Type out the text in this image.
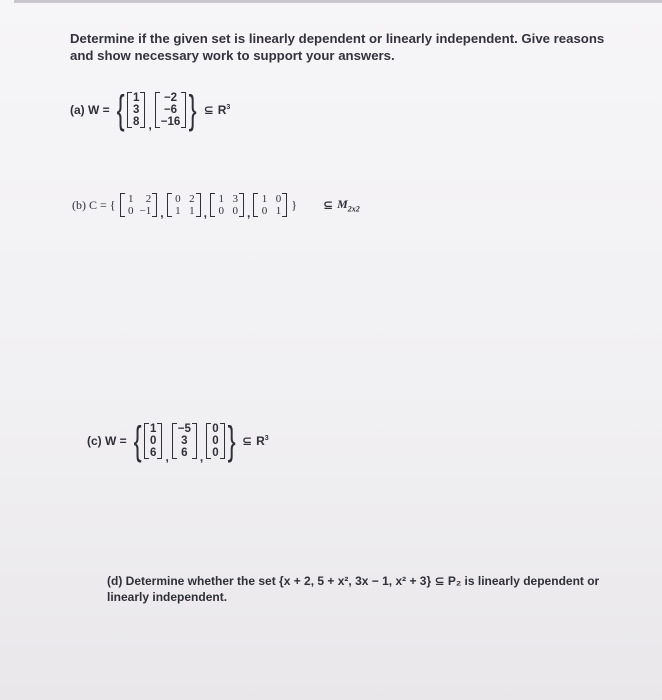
Determine if the given set is linearly dependent or linearly independent. Give reasons and show necessary work to support your answers.
(a) W = { 1
3
8 ,
−2
−6
−16 } ⊆ $R^3$
(b) C = { 1 2
0 −1 ,
0 2
1 1 ,
1 3
0 0 ,
1 0
0 1 } ⊆ $M_{2x2}$
(c) W = { 1
0
6 ,
−5
3
6 ,
0
0
0 } ⊆ $R^3$
(d) Determine whether the set {x + 2, 5 + x², 3x − 1, x² + 3} ⊆ P₂ is linearly dependent or linearly independent.
